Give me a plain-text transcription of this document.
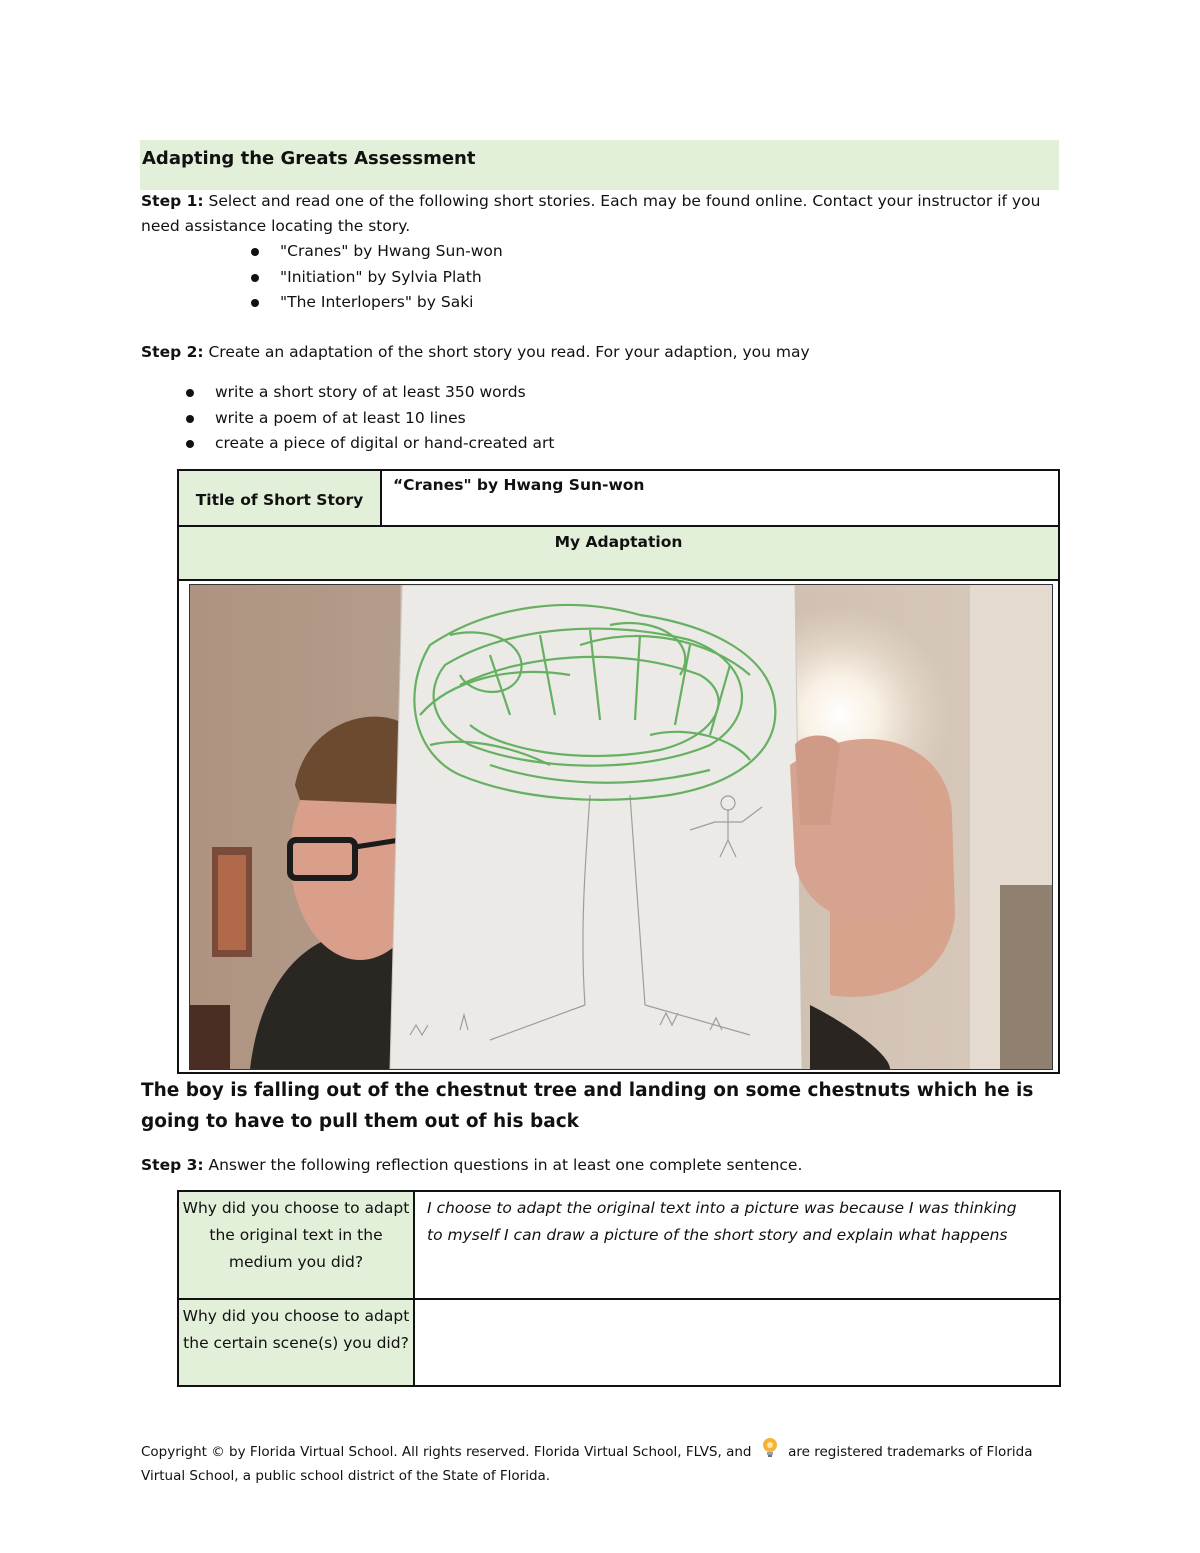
Adapting the Greats Assessment
Step 1: Select and read one of the following short stories. Each may be found online. Contact your instructor if you need assistance locating the story.
"Cranes" by Hwang Sun-won
"Initiation" by Sylvia Plath
"The Interlopers" by Saki
Step 2: Create an adaptation of the short story you read. For your adaption, you may
write a short story of at least 350 words
write a poem of at least 10 lines
create a piece of digital or hand-created art
Title of Short Story
“Cranes" by Hwang Sun-won
My Adaptation
The boy is falling out of the chestnut tree and landing on some chestnuts which he is going to have to pull them out of his back
Step 3: Answer the following reflection questions in at least one complete sentence.
Why did you choose to adapt the original text in the medium you did?
I choose to adapt the original text into a picture was because I was thinking to myself I can draw a picture of the short story and explain what happens
Why did you choose to adapt the certain scene(s) you did?
Copyright © by Florida Virtual School. All rights reserved. Florida Virtual School, FLVS, and	are registered trademarks of Florida Virtual School, a public school district of the State of Florida.
